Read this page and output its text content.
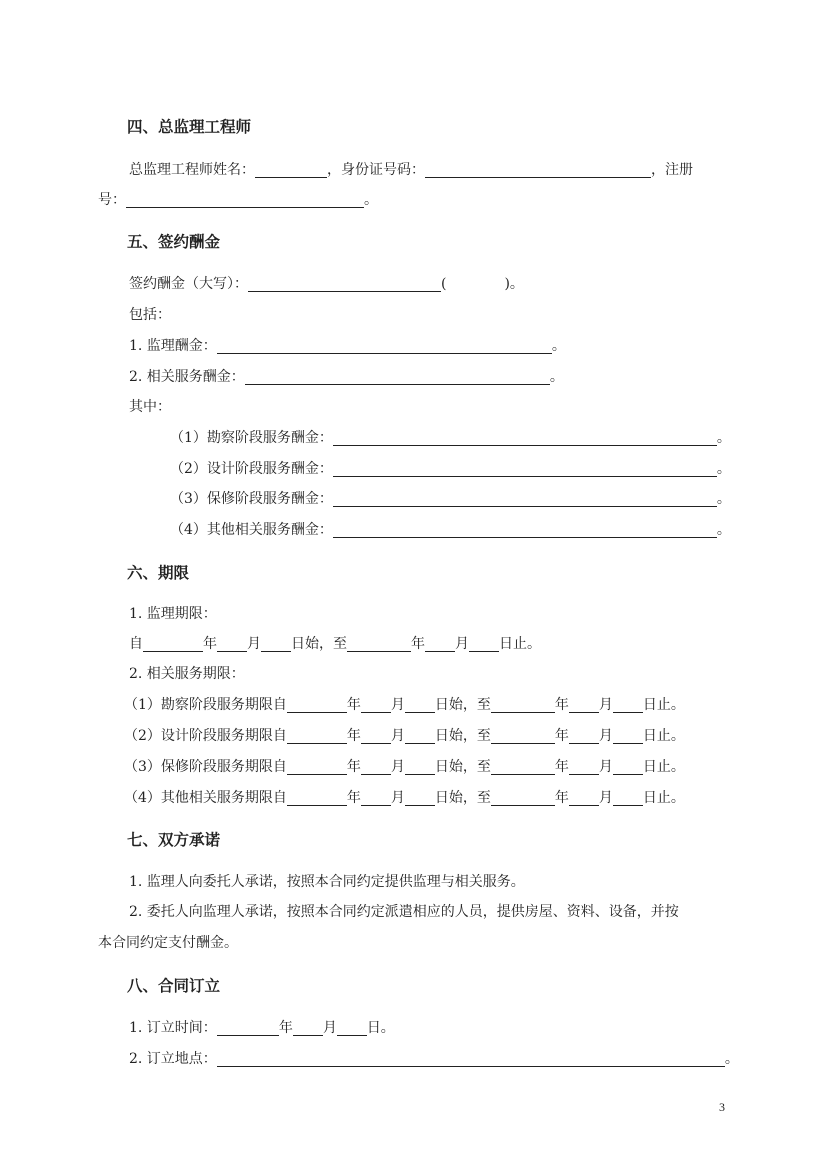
四、总监理工程师
总监理工程师姓名：	，身份证号码：	，注册
号：	。
五、签约酬金
签约酬金（大写）：	(	)。
包括：
1. 监理酬金：	。
2. 相关服务酬金：	。
其中：
（1）勘察阶段服务酬金：	。
（2）设计阶段服务酬金：	。
（3）保修阶段服务酬金：	。
（4）其他相关服务酬金：	。
六、期限
1. 监理期限：
自	年 月 日始，至	年 月 日止。
2. 相关服务期限：
（1）勘察阶段服务期限自	年 月 日始，至	年 月 日止。
（2）设计阶段服务期限自	年 月 日始，至	年 月 日止。
（3）保修阶段服务期限自	年 月 日始，至	年 月 日止。
（4）其他相关服务期限自	年 月 日始，至	年 月 日止。
七、双方承诺
1. 监理人向委托人承诺，按照本合同约定提供监理与相关服务。
2. 委托人向监理人承诺，按照本合同约定派遣相应的人员，提供房屋、资料、设备，并按
本合同约定支付酬金。
八、合同订立
1. 订立时间：	年 月 日。
2. 订立地点：	。
3
